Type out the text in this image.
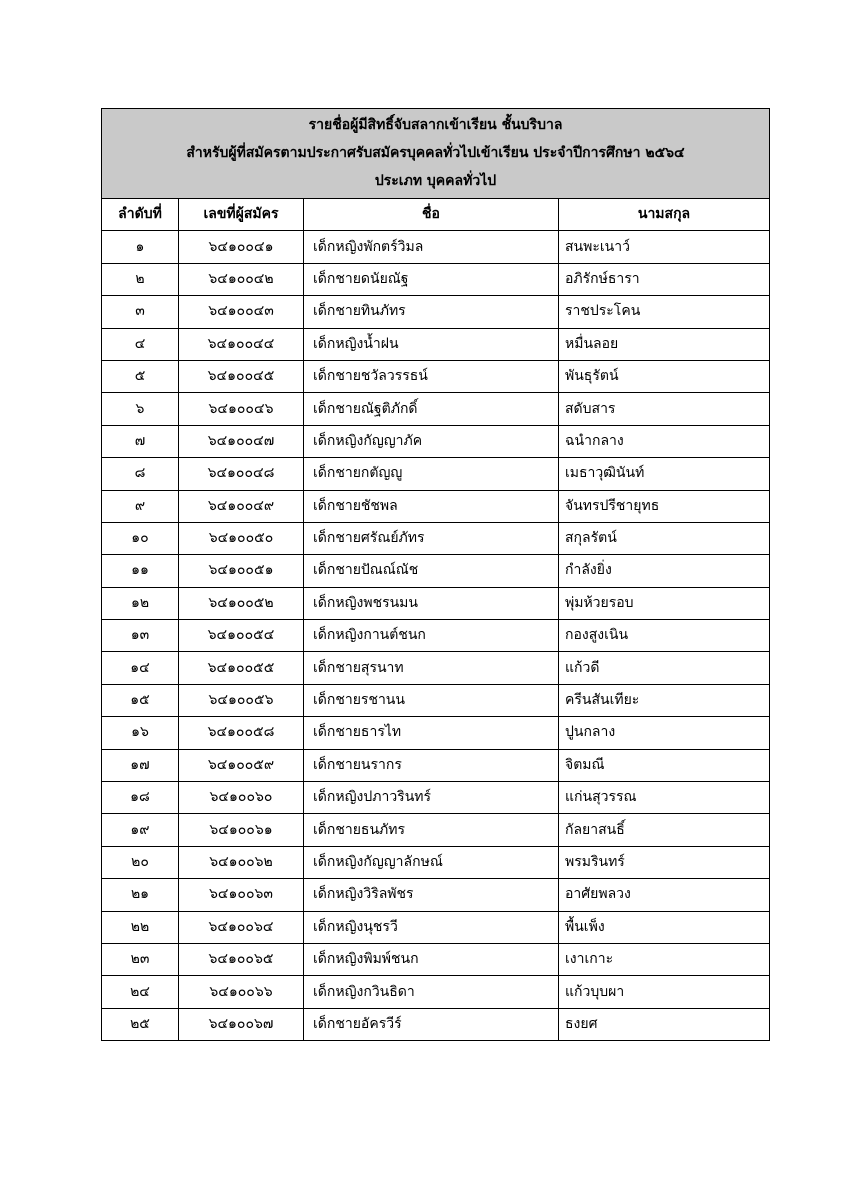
รายชื่อผู้มีสิทธิ์จับสลากเข้าเรียน ชั้นบริบาล
สำหรับผู้ที่สมัครตามประกาศรับสมัครบุคคลทั่วไปเข้าเรียน ประจำปีการศึกษา ๒๕๖๔
ประเภท บุคคลทั่วไป			

ลำดับที่	เลขที่ผู้สมัคร	ชื่อ	นามสกุล
๑	๖๔๑๐๐๔๑	เด็กหญิงพักตร์วิมล	สนพะเนาว์
๒	๖๔๑๐๐๔๒	เด็กชายดนัยณัฐ	อภิรักษ์ธารา
๓	๖๔๑๐๐๔๓	เด็กชายทินภัทร	ราชประโคน
๔	๖๔๑๐๐๔๔	เด็กหญิงน้ำฝน	หมื่นลอย
๕	๖๔๑๐๐๔๕	เด็กชายชวัลวรรธน์	พันธุรัตน์
๖	๖๔๑๐๐๔๖	เด็กชายณัฐติภักดิ์	สดับสาร
๗	๖๔๑๐๐๔๗	เด็กหญิงกัญญาภัค	ฉนำกลาง
๘	๖๔๑๐๐๔๘	เด็กชายกตัญญู	เมธาวุฒินันท์
๙	๖๔๑๐๐๔๙	เด็กชายชัชพล	จันทรปรีชายุทธ
๑๐	๖๔๑๐๐๕๐	เด็กชายศรัณย์ภัทร	สกุลรัตน์
๑๑	๖๔๑๐๐๕๑	เด็กชายปัณณ์ณัช	กำลังยิ่ง
๑๒	๖๔๑๐๐๕๒	เด็กหญิงพชรนมน	พุ่มห้วยรอบ
๑๓	๖๔๑๐๐๕๔	เด็กหญิงกานต์ชนก	กองสูงเนิน
๑๔	๖๔๑๐๐๕๕	เด็กชายสุรนาท	แก้วดี
๑๕	๖๔๑๐๐๕๖	เด็กชายรชานน	ครีนสันเทียะ
๑๖	๖๔๑๐๐๕๘	เด็กชายธารไท	ปูนกลาง
๑๗	๖๔๑๐๐๕๙	เด็กชายนรากร	จิตมณี
๑๘	๖๔๑๐๐๖๐	เด็กหญิงปภาวรินทร์	แก่นสุวรรณ
๑๙	๖๔๑๐๐๖๑	เด็กชายธนภัทร	กัลยาสนธิ์
๒๐	๖๔๑๐๐๖๒	เด็กหญิงกัญญาลักษณ์	พรมรินทร์
๒๑	๖๔๑๐๐๖๓	เด็กหญิงวิริลพัชร	อาศัยพลวง
๒๒	๖๔๑๐๐๖๔	เด็กหญิงนุชรวี	พื้นเพ็ง
๒๓	๖๔๑๐๐๖๕	เด็กหญิงพิมพ์ชนก	เงาเกาะ
๒๔	๖๔๑๐๐๖๖	เด็กหญิงกวินธิดา	แก้วบุบผา
๒๕	๖๔๑๐๐๖๗	เด็กชายอัครวีร์	ธงยศ
